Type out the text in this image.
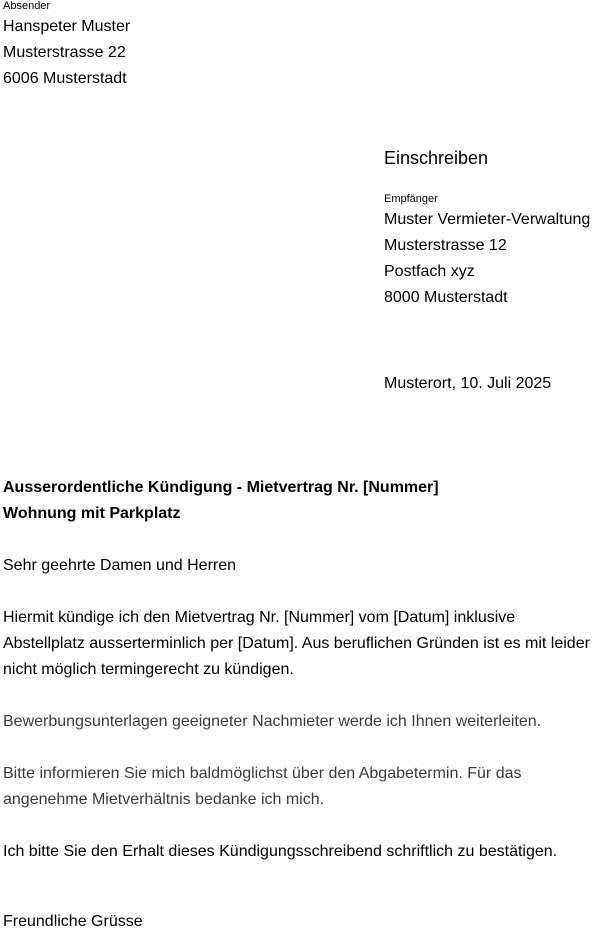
Absender
Hanspeter Muster
Musterstrasse 22
6006 Musterstadt
Einschreiben
Empfänger
Muster Vermieter-Verwaltung
Musterstrasse 12
Postfach xyz
8000 Musterstadt
Musterort, 10. Juli 2025
Ausserordentliche Kündigung - Mietvertrag Nr. [Nummer]
Wohnung mit Parkplatz
Sehr geehrte Damen und Herren
Hiermit kündige ich den Mietvertrag Nr. [Nummer] vom [Datum] inklusive
Abstellplatz ausserterminlich per [Datum]. Aus beruflichen Gründen ist es mit leider
nicht möglich termingerecht zu kündigen.
Bewerbungsunterlagen geeigneter Nachmieter werde ich Ihnen weiterleiten.
Bitte informieren Sie mich baldmöglichst über den Abgabetermin. Für das
angenehme Mietverhältnis bedanke ich mich.
Ich bitte Sie den Erhalt dieses Kündigungsschreibend schriftlich zu bestätigen.
Freundliche Grüsse
